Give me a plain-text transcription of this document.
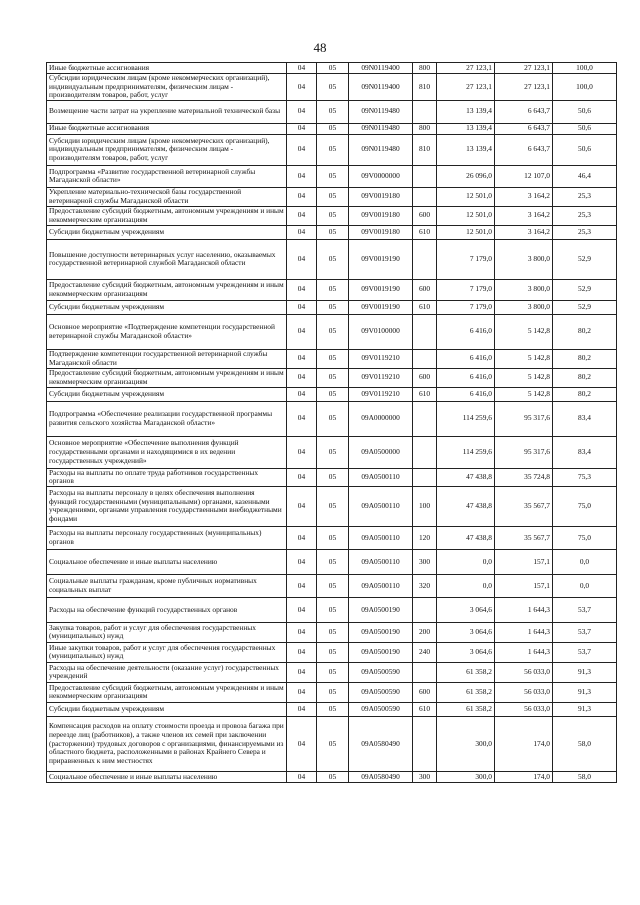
48
Иные бюджетные ассигнования	04	05	09N0119400	800	27 123,1	27 123,1	100,0
Субсидии юридическим лицам (кроме некоммерческих организаций), индивидуальным предпринимателям, физическим лицам - производителям товаров, работ, услуг	04	05	09N0119400	810	27 123,1	27 123,1	100,0
Возмещение части затрат на укрепление материальной технической базы	04	05	09N0119480		13 139,4	6 643,7	50,6
Иные бюджетные ассигнования	04	05	09N0119480	800	13 139,4	6 643,7	50,6
Субсидии юридическим лицам (кроме некоммерческих организаций), индивидуальным предпринимателям, физическим лицам - производителям товаров, работ, услуг	04	05	09N0119480	810	13 139,4	6 643,7	50,6
Подпрограмма «Развитие государственной ветеринарной службы Магаданской области»	04	05	09V0000000		26 096,0	12 107,0	46,4
Укрепление материально-технической базы государственной ветеринарной службы Магаданской области	04	05	09V0019180		12 501,0	3 164,2	25,3
Предоставление субсидий бюджетным, автономным учреждениям и иным некоммерческим организациям	04	05	09V0019180	600	12 501,0	3 164,2	25,3
Субсидии бюджетным учреждениям	04	05	09V0019180	610	12 501,0	3 164,2	25,3
Повышение доступности ветеринарных услуг населению, оказываемых государственной ветеринарной службой Магаданской области	04	05	09V0019190		7 179,0	3 800,0	52,9
Предоставление субсидий бюджетным, автономным учреждениям и иным некоммерческим организациям	04	05	09V0019190	600	7 179,0	3 800,0	52,9
Субсидии бюджетным учреждениям	04	05	09V0019190	610	7 179,0	3 800,0	52,9
Основное мероприятие «Подтверждение компетенции государственной ветеринарной службы Магаданской области»	04	05	09V0100000		6 416,0	5 142,8	80,2
Подтверждение компетенции государственной ветеринарной службы Магаданской области	04	05	09V0119210		6 416,0	5 142,8	80,2
Предоставление субсидий бюджетным, автономным учреждениям и иным некоммерческим организациям	04	05	09V0119210	600	6 416,0	5 142,8	80,2
Субсидии бюджетным учреждениям	04	05	09V0119210	610	6 416,0	5 142,8	80,2
Подпрограмма «Обеспечение реализации государственной программы развития сельского хозяйства Магаданской области»	04	05	09A0000000		114 259,6	95 317,6	83,4
Основное мероприятие «Обеспечение выполнения функций государственными органами и находящимися в их ведении государственных учреждений»	04	05	09A0500000		114 259,6	95 317,6	83,4
Расходы на выплаты по оплате труда работников государственных органов	04	05	09A0500110		47 438,8	35 724,8	75,3
Расходы на выплаты персоналу в целях обеспечения выполнения функций государственными (муниципальными) органами, казенными учреждениями, органами управления государственными внебюджетными фондами	04	05	09A0500110	100	47 438,8	35 567,7	75,0
Расходы на выплаты персоналу государственных (муниципальных) органов	04	05	09A0500110	120	47 438,8	35 567,7	75,0
Социальное обеспечение и иные выплаты населению	04	05	09A0500110	300	0,0	157,1	0,0
Социальные выплаты гражданам, кроме публичных нормативных социальных выплат	04	05	09A0500110	320	0,0	157,1	0,0
Расходы на обеспечение функций государственных органов	04	05	09A0500190		3 064,6	1 644,3	53,7
Закупка товаров, работ и услуг для обеспечения государственных (муниципальных) нужд	04	05	09A0500190	200	3 064,6	1 644,3	53,7
Иные закупки товаров, работ и услуг для обеспечения государственных (муниципальных) нужд	04	05	09A0500190	240	3 064,6	1 644,3	53,7
Расходы на обеспечение деятельности (оказание услуг) государственных учреждений	04	05	09A0500590		61 358,2	56 033,0	91,3
Предоставление субсидий бюджетным, автономным учреждениям и иным некоммерческим организациям	04	05	09A0500590	600	61 358,2	56 033,0	91,3
Субсидии бюджетным учреждениям	04	05	09A0500590	610	61 358,2	56 033,0	91,3
Компенсация расходов на оплату стоимости проезда и провоза багажа при переезде лиц (работников), а также членов их семей при заключении (расторжении) трудовых договоров с организациями, финансируемыми из областного бюджета, расположенными в районах Крайнего Севера и приравненных к ним местностях	04	05	09A0580490		300,0	174,0	58,0
Социальное обеспечение и иные выплаты населению	04	05	09A0580490	300	300,0	174,0	58,0
